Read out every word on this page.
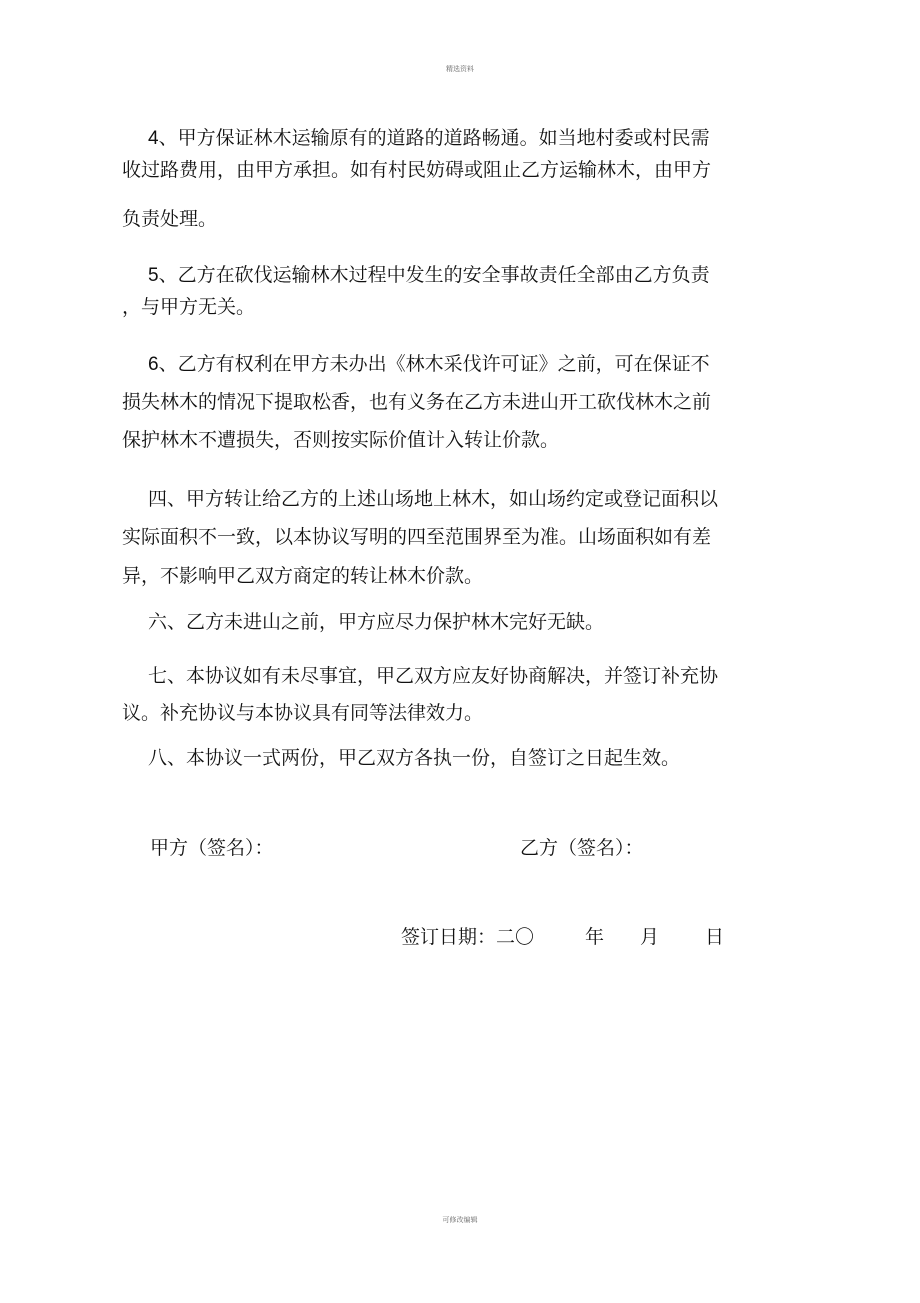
精选资料
4、甲方保证林木运输原有的道路的道路畅通。如当地村委或村民需
收过路费用，由甲方承担。如有村民妨碍或阻止乙方运输林木，由甲方
负责处理。
5、乙方在砍伐运输林木过程中发生的安全事故责任全部由乙方负责
，与甲方无关。
6、乙方有权利在甲方未办出《林木采伐许可证》之前，可在保证不
损失林木的情况下提取松香，也有义务在乙方未进山开工砍伐林木之前
保护林木不遭损失，否则按实际价值计入转让价款。
四、甲方转让给乙方的上述山场地上林木，如山场约定或登记面积以
实际面积不一致，以本协议写明的四至范围界至为准。山场面积如有差
异，不影响甲乙双方商定的转让林木价款。
六、乙方未进山之前，甲方应尽力保护林木完好无缺。
七、本协议如有未尽事宜，甲乙双方应友好协商解决，并签订补充协
议。补充协议与本协议具有同等法律效力。
八、本协议一式两份，甲乙双方各执一份，自签订之日起生效。
甲方（签名）：	乙方（签名）：
签订日期：二〇	年 月 日
可修改编辑
